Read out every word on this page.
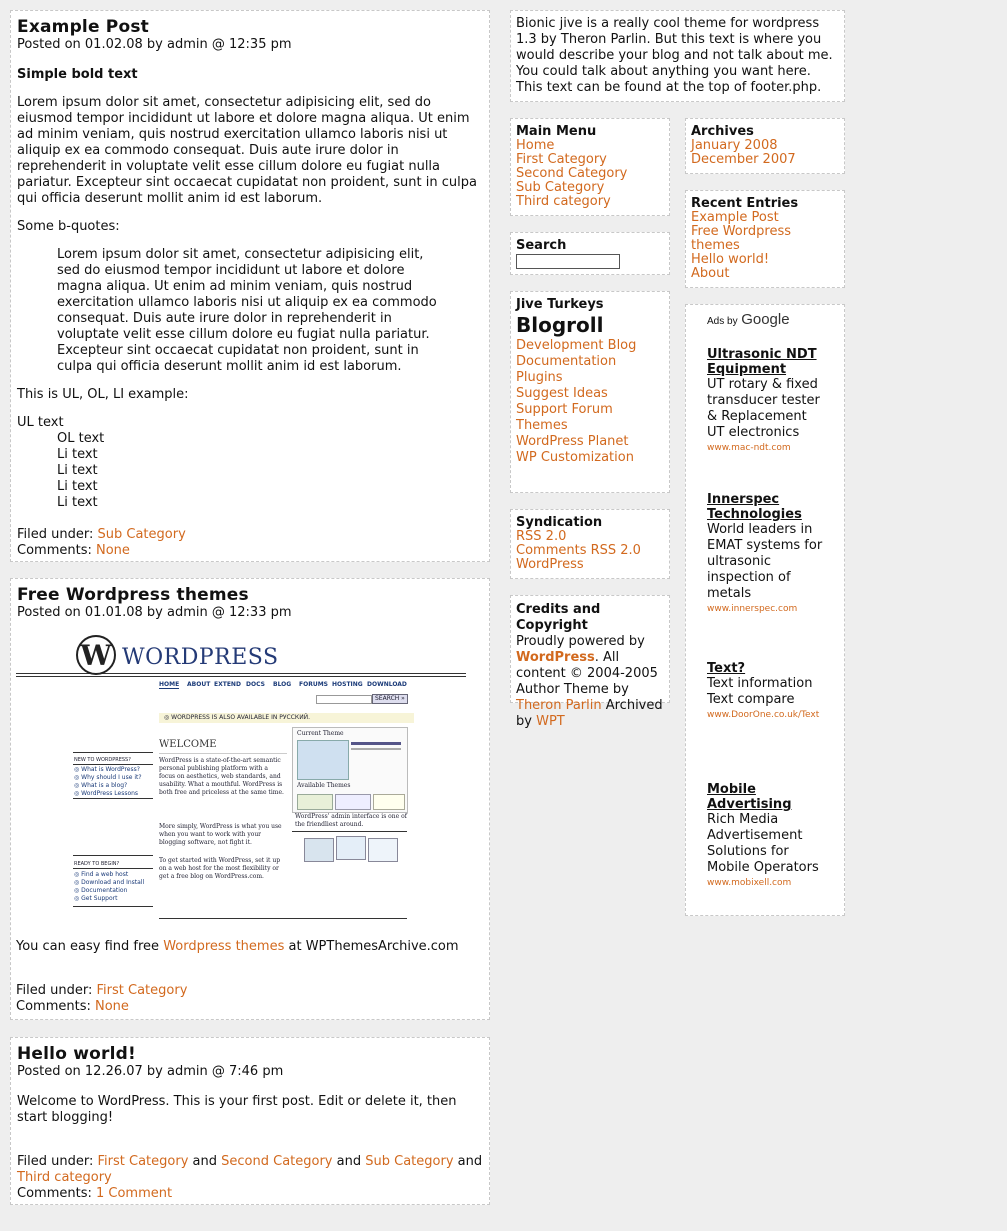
Example Post
Posted on 01.02.08 by admin @ 12:35 pm

Simple bold text

Lorem ipsum dolor sit amet, consectetur adipisicing elit, sed do eiusmod tempor incididunt ut labore et dolore magna aliqua. Ut enim ad minim veniam, quis nostrud exercitation ullamco laboris nisi ut aliquip ex ea commodo consequat. Duis aute irure dolor in reprehenderit in voluptate velit esse cillum dolore eu fugiat nulla pariatur. Excepteur sint occaecat cupidatat non proident, sunt in culpa qui officia deserunt mollit anim id est laborum.

Some b-quotes:

Lorem ipsum dolor sit amet, consectetur adipisicing elit, sed do eiusmod tempor incididunt ut labore et dolore magna aliqua. Ut enim ad minim veniam, quis nostrud exercitation ullamco laboris nisi ut aliquip ex ea commodo consequat. Duis aute irure dolor in reprehenderit in voluptate velit esse cillum dolore eu fugiat nulla pariatur. Excepteur sint occaecat cupidatat non proident, sunt in culpa qui officia deserunt mollit anim id est laborum.

This is UL, OL, LI example:

UL text
OL text
Li text
Li text
Li text
Li text
Filed under: Sub Category
Comments: None
Free Wordpress themes
Posted on 01.01.08 by admin @ 12:33 pm
W WORDPRESS
HOME ABOUT EXTEND DOCS BLOG FORUMS HOSTING DOWNLOAD
SEARCH »
◎ WORDPRESS IS ALSO AVAILABLE IN РУССКИЙ.
WELCOME
WordPress is a state-of-the-art semantic personal publishing platform with a focus on aesthetics, web standards, and usability. What a mouthful. WordPress is both free and priceless at the same time.
More simply, WordPress is what you use when you want to work with your blogging software, not fight it.
To get started with WordPress, set it up on a web host for the most flexibility or get a free blog on WordPress.com.
NEW TO WORDPRESS?
◎ What is WordPress?
◎ Why should I use it?
◎ What is a blog?
◎ WordPress Lessons
READY TO BEGIN?
◎ Find a web host
◎ Download and Install
◎ Documentation
◎ Get Support
Current Theme
Available Themes
WordPress' admin interface is one of the friendliest around.
You can easy find free Wordpress themes at WPThemesArchive.com
Filed under: First Category
Comments: None
Hello world!
Posted on 12.26.07 by admin @ 7:46 pm

Welcome to WordPress. This is your first post. Edit or delete it, then start blogging!

Filed under: First Category and Second Category and Sub Category and Third category
Comments: 1 Comment
Bionic jive is a really cool theme for wordpress 1.3 by Theron Parlin. But this text is where you would describe your blog and not talk about me. You could talk about anything you want here. This text can be found at the top of footer.php.
Main Menu
Home
First Category
Second Category
Sub Category
Third category
Search
Jive Turkeys
Blogroll
Development Blog
Documentation
Plugins
Suggest Ideas
Support Forum
Themes
WordPress Planet
WP Customization
Syndication
RSS 2.0
Comments RSS 2.0
WordPress
Credits and Copyright
Proudly powered by WordPress. All content © 2004-2005 Author Theme by Theron Parlin Archived by WPT
Archives
January 2008
December 2007
Recent Entries
Example Post
Free Wordpress themes
Hello world!
About
Ads by Google
Ultrasonic NDT Equipment
UT rotary & fixed transducer tester & Replacement UT electronics
www.mac-ndt.com
Innerspec Technologies
World leaders in EMAT systems for ultrasonic inspection of metals
www.innerspec.com
Text?
Text information Text compare
www.DoorOne.co.uk/Text
Mobile Advertising
Rich Media Advertisement Solutions for Mobile Operators
www.mobixell.com
